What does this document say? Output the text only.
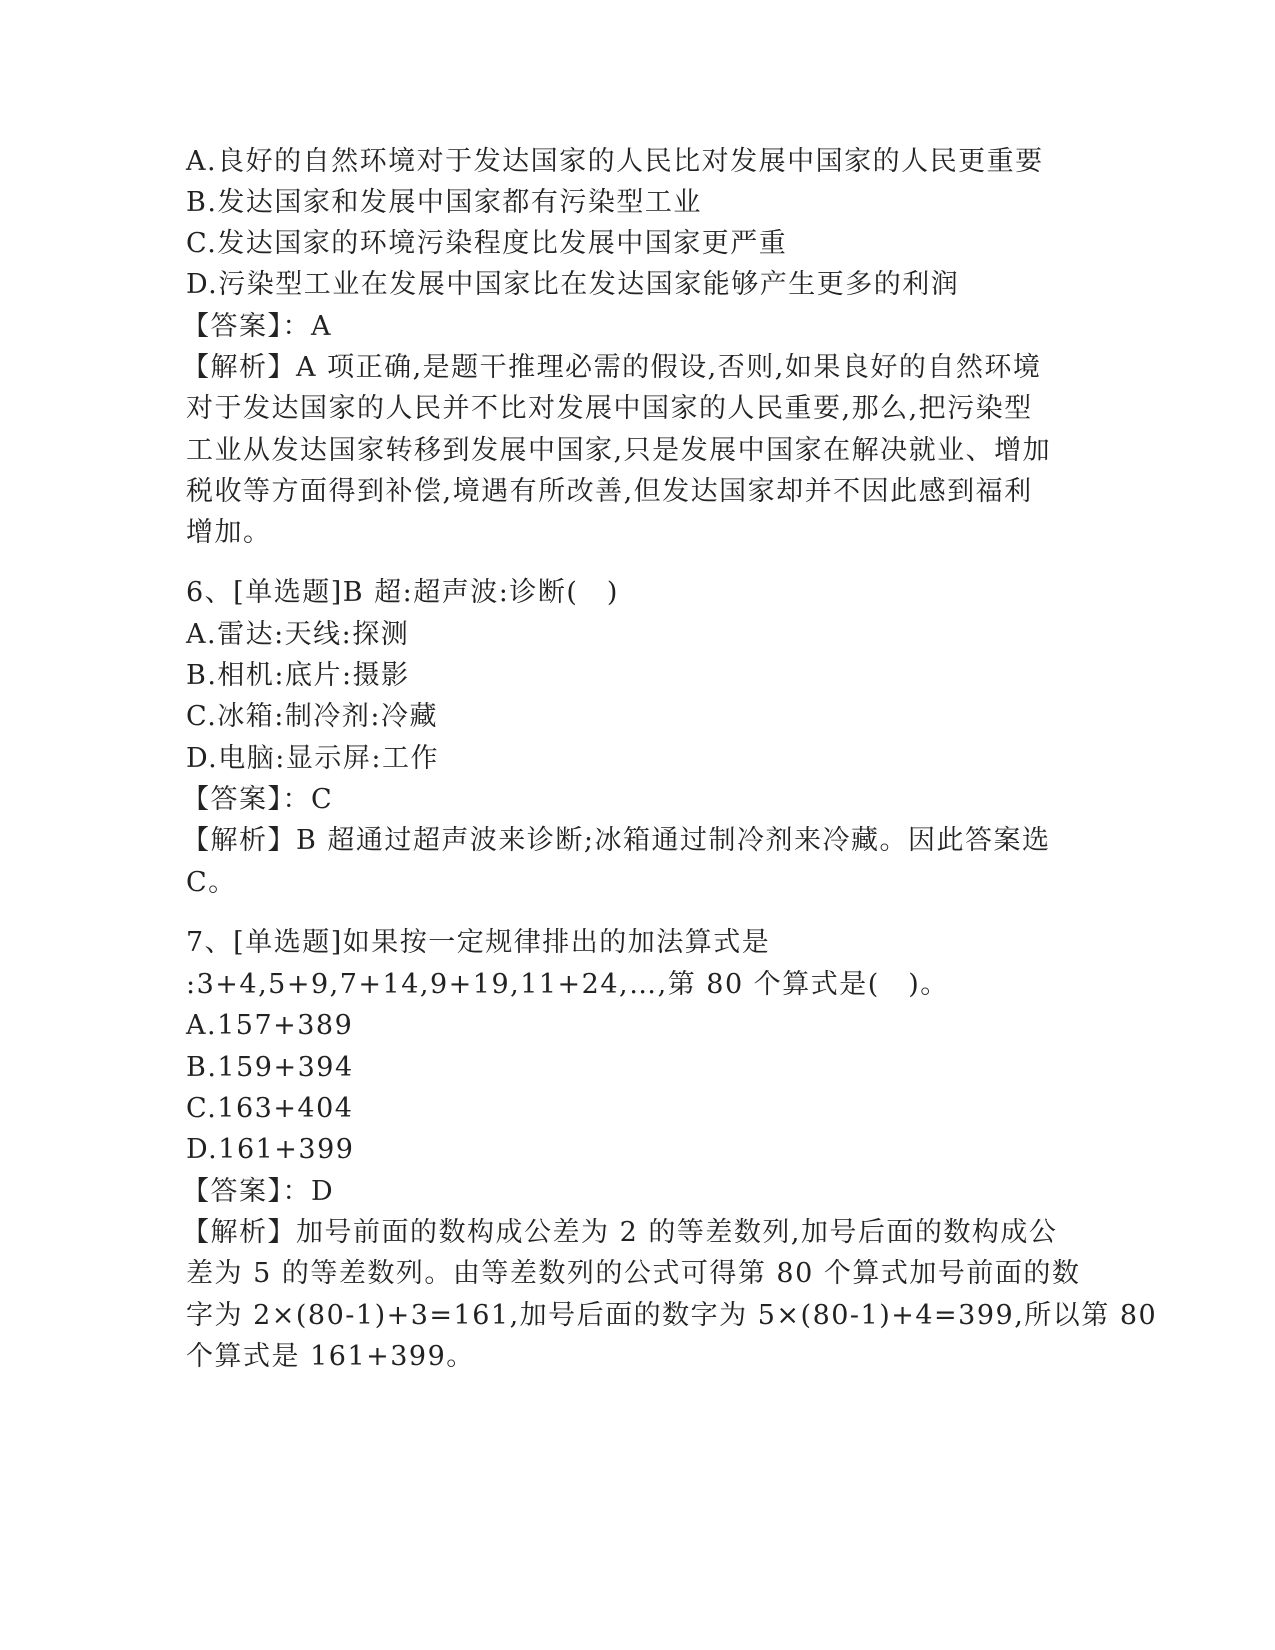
A.良好的自然环境对于发达国家的人民比对发展中国家的人民更重要
B.发达国家和发展中国家都有污染型工业
C.发达国家的环境污染程度比发展中国家更严重
D.污染型工业在发展中国家比在发达国家能够产生更多的利润
【答案】：A
【解析】A 项正确,是题干推理必需的假设,否则,如果良好的自然环境
对于发达国家的人民并不比对发展中国家的人民重要,那么,把污染型
工业从发达国家转移到发展中国家,只是发展中国家在解决就业、增加
税收等方面得到补偿,境遇有所改善,但发达国家却并不因此感到福利
增加。
6、[单选题]B 超:超声波:诊断(　)
A.雷达:天线:探测
B.相机:底片:摄影
C.冰箱:制冷剂:冷藏
D.电脑:显示屏:工作
【答案】：C
【解析】B 超通过超声波来诊断;冰箱通过制冷剂来冷藏。因此答案选
C。
7、[单选题]如果按一定规律排出的加法算式是
:3+4,5+9,7+14,9+19,11+24,…,第 80 个算式是(　)。
A.157+389
B.159+394
C.163+404
D.161+399
【答案】：D
【解析】加号前面的数构成公差为 2 的等差数列,加号后面的数构成公
差为 5 的等差数列。由等差数列的公式可得第 80 个算式加号前面的数
字为 2×(80-1)+3=161,加号后面的数字为 5×(80-1)+4=399,所以第 80
个算式是 161+399。
